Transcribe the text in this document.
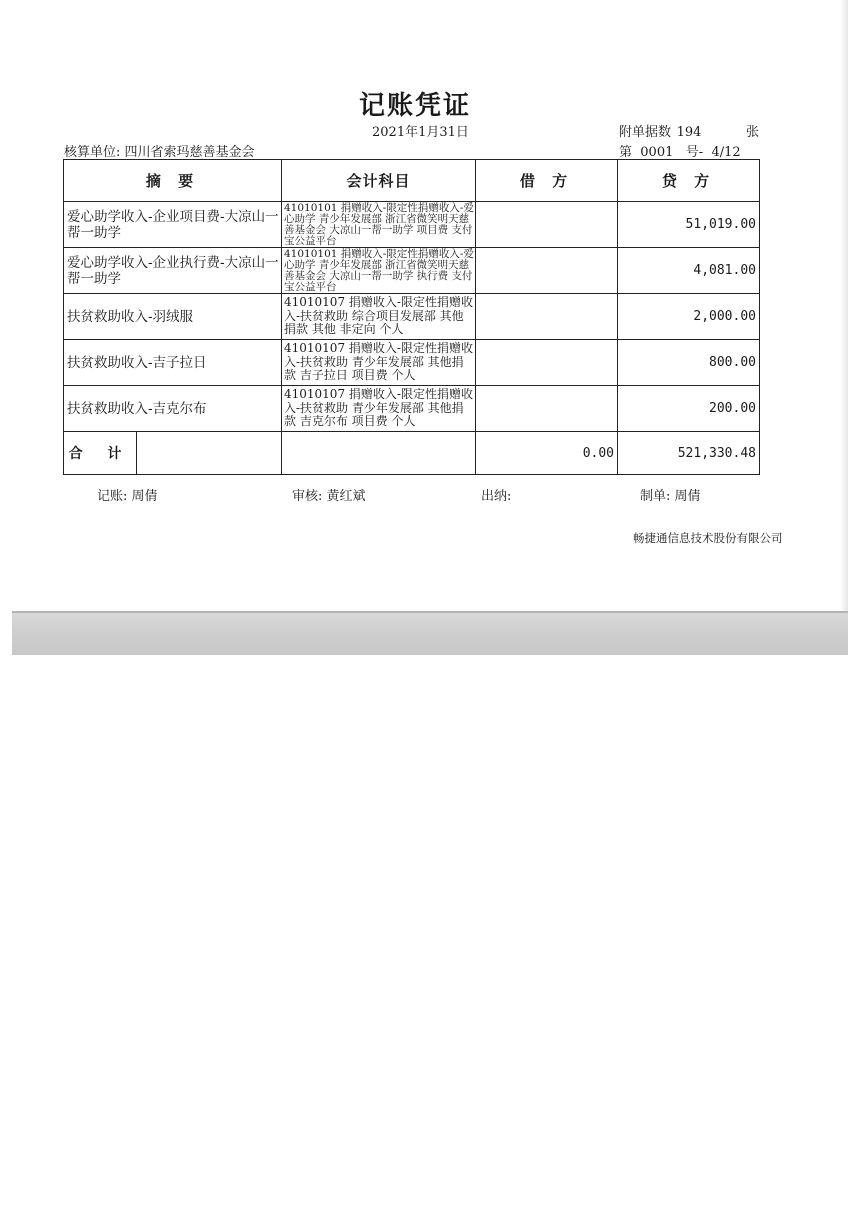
记账凭证
2021年1月31日	附单据数 194	张
核算单位: 四川省索玛慈善基金会	第 0001 号- 4/12
摘 要	会计科目	借 方	贷 方
爱心助学收入-企业项目费-大凉山一帮一助学	41010101 捐赠收入-限定性捐赠收入-爱心助学 青少年发展部 浙江省微笑明天慈善基金会 大凉山一帮一助学 项目费 支付宝公益平台		51,019.00
爱心助学收入-企业执行费-大凉山一帮一助学	41010101 捐赠收入-限定性捐赠收入-爱心助学 青少年发展部 浙江省微笑明天慈善基金会 大凉山一帮一助学 执行费 支付宝公益平台		4,081.00
扶贫救助收入-羽绒服	41010107 捐赠收入-限定性捐赠收入-扶贫救助 综合项目发展部 其他捐款 其他 非定向 个人		2,000.00
扶贫救助收入-吉子拉日	41010107 捐赠收入-限定性捐赠收入-扶贫救助 青少年发展部 其他捐款 吉子拉日 项目费 个人		800.00
扶贫救助收入-吉克尔布	41010107 捐赠收入-限定性捐赠收入-扶贫救助 青少年发展部 其他捐款 吉克尔布 项目费 个人		200.00

合 计		0.00	521,330.48
记账: 周倩	审核: 黄红斌	出纳:	制单: 周倩
畅捷通信息技术股份有限公司
